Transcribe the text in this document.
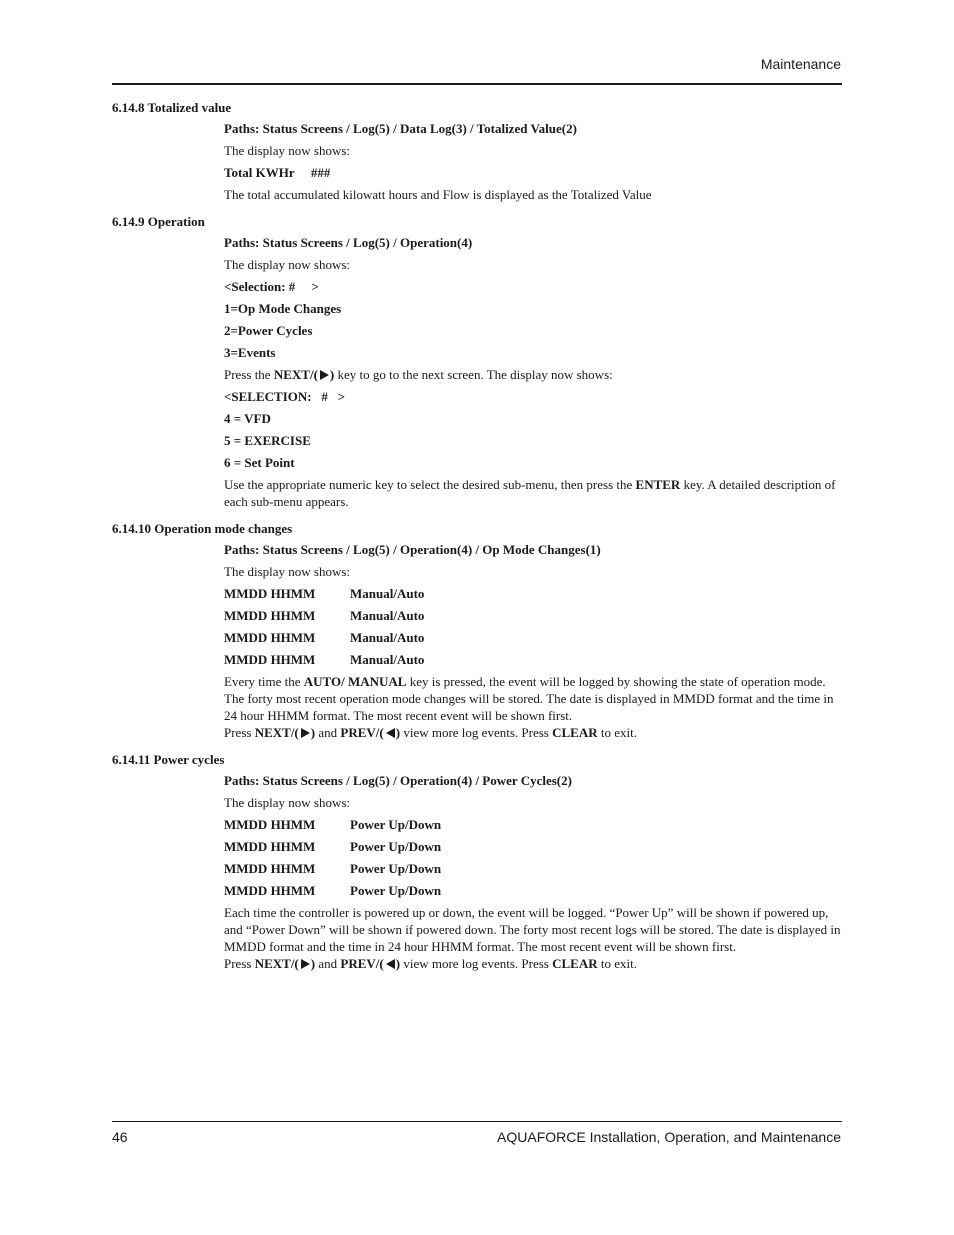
Maintenance
6.14.8 Totalized value
Paths: Status Screens / Log(5) / Data Log(3) / Totalized Value(2)
The display now shows:
Total KWHr ###
The total accumulated kilowatt hours and Flow is displayed as the Totalized Value
6.14.9 Operation
Paths: Status Screens / Log(5) / Operation(4)
The display now shows:
<Selection: #     >
1=Op Mode Changes
2=Power Cycles
3=Events
Press the NEXT/( ) key to go to the next screen. The display now shows:
<SELECTION:   #   >
4 = VFD
5 = EXERCISE
6 = Set Point
Use the appropriate numeric key to select the desired sub-menu, then press the ENTER key. A detailed description of each sub-menu appears.
6.14.10 Operation mode changes
Paths: Status Screens / Log(5) / Operation(4) / Op Mode Changes(1)
The display now shows:
MMDD HHMM	Manual/Auto
MMDD HHMM	Manual/Auto
MMDD HHMM	Manual/Auto
MMDD HHMM	Manual/Auto
Every time the AUTO/ MANUAL key is pressed, the event will be logged by showing the state of operation mode. The forty most recent operation mode changes will be stored. The date is displayed in MMDD format and the time in 24 hour HHMM format. The most recent event will be shown first.
Press NEXT/( ) and PREV/( ) view more log events. Press CLEAR to exit.
6.14.11 Power cycles
Paths: Status Screens / Log(5) / Operation(4) / Power Cycles(2)
The display now shows:
MMDD HHMM	Power Up/Down
MMDD HHMM	Power Up/Down
MMDD HHMM	Power Up/Down
MMDD HHMM	Power Up/Down
Each time the controller is powered up or down, the event will be logged. “Power Up” will be shown if powered up, and “Power Down” will be shown if powered down. The forty most recent logs will be stored. The date is displayed in MMDD format and the time in 24 hour HHMM format. The most recent event will be shown first.
Press NEXT/( ) and PREV/( ) view more log events. Press CLEAR to exit.
46	AQUAFORCE Installation, Operation, and Maintenance
